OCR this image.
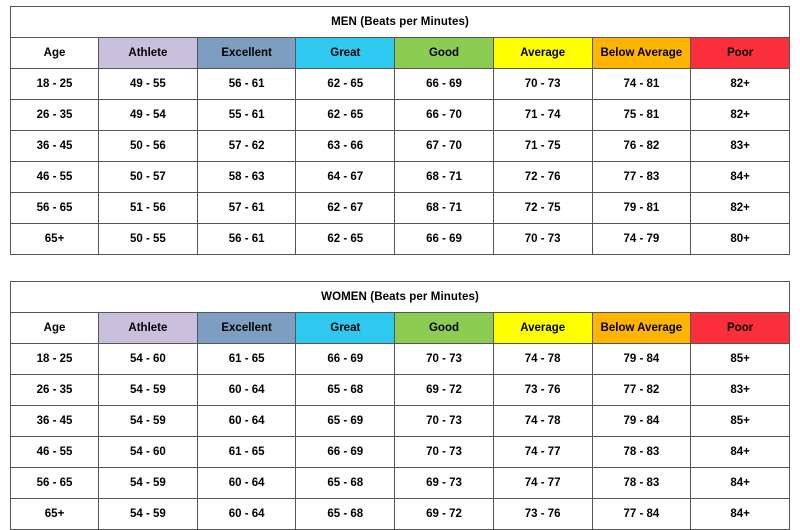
MEN (Beats per Minutes)							
Age	Athlete	Excellent	Great	Good	Average	Below Average	Poor
18 - 25	49 - 55	56 - 61	62 - 65	66 - 69	70 - 73	74 - 81	82+
26 - 35	49 - 54	55 - 61	62 - 65	66 - 70	71 - 74	75 - 81	82+
36 - 45	50 - 56	57 - 62	63 - 66	67 - 70	71 - 75	76 - 82	83+
46 - 55	50 - 57	58 - 63	64 - 67	68 - 71	72 - 76	77 - 83	84+
56 - 65	51 - 56	57 - 61	62 - 67	68 - 71	72 - 75	79 - 81	82+
65+	50 - 55	56 - 61	62 - 65	66 - 69	70 - 73	74 - 79	80+
WOMEN (Beats per Minutes)							
Age	Athlete	Excellent	Great	Good	Average	Below Average	Poor
18 - 25	54 - 60	61 - 65	66 - 69	70 - 73	74 - 78	79 - 84	85+
26 - 35	54 - 59	60 - 64	65 - 68	69 - 72	73 - 76	77 - 82	83+
36 - 45	54 - 59	60 - 64	65 - 69	70 - 73	74 - 78	79 - 84	85+
46 - 55	54 - 60	61 - 65	66 - 69	70 - 73	74 - 77	78 - 83	84+
56 - 65	54 - 59	60 - 64	65 - 68	69 - 73	74 - 77	78 - 83	84+
65+	54 - 59	60 - 64	65 - 68	69 - 72	73 - 76	77 - 84	84+
